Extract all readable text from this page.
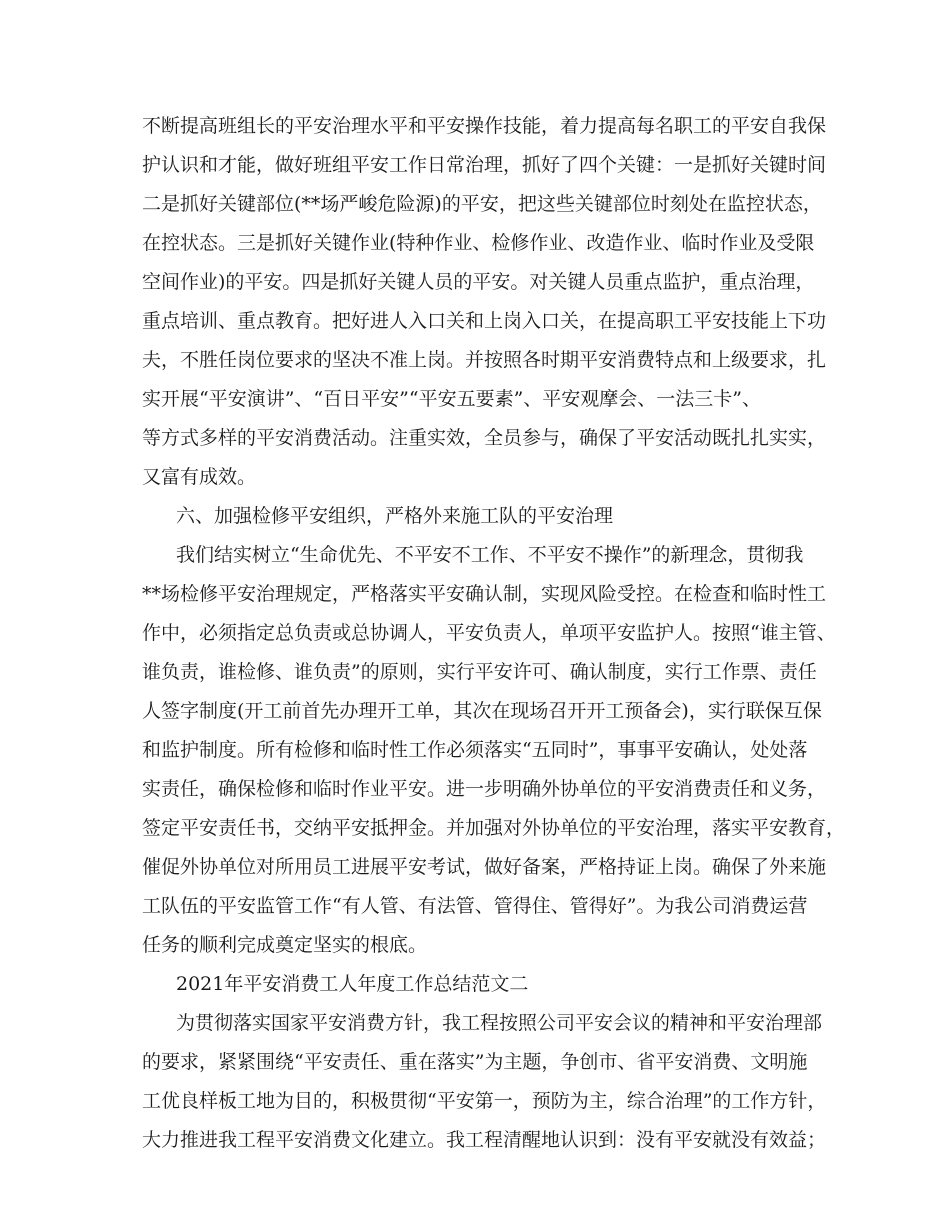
不断提高班组长的平安治理水平和平安操作技能，着力提高每名职工的平安自我保
护认识和才能，做好班组平安工作日常治理，抓好了四个关键：一是抓好关键时间
二是抓好关键部位(**场严峻危险源)的平安，把这些关键部位时刻处在监控状态，
在控状态。三是抓好关键作业(特种作业、检修作业、改造作业、临时作业及受限
空间作业)的平安。四是抓好关键人员的平安。对关键人员重点监护，重点治理，
重点培训、重点教育。把好进人入口关和上岗入口关，在提高职工平安技能上下功
夫，不胜任岗位要求的坚决不准上岗。并按照各时期平安消费特点和上级要求，扎
实开展“平安演讲”、“百日平安”“平安五要素”、平安观摩会、一法三卡”、
等方式多样的平安消费活动。注重实效，全员参与，确保了平安活动既扎扎实实，
又富有成效。
六、加强检修平安组织，严格外来施工队的平安治理
我们结实树立“生命优先、不平安不工作、不平安不操作”的新理念，贯彻我
**场检修平安治理规定，严格落实平安确认制，实现风险受控。在检查和临时性工
作中，必须指定总负责或总协调人，平安负责人，单项平安监护人。按照“谁主管、
谁负责，谁检修、谁负责”的原则，实行平安许可、确认制度，实行工作票、责任
人签字制度(开工前首先办理开工单，其次在现场召开开工预备会)，实行联保互保
和监护制度。所有检修和临时性工作必须落实“五同时”，事事平安确认，处处落
实责任，确保检修和临时作业平安。进一步明确外协单位的平安消费责任和义务，
签定平安责任书，交纳平安抵押金。并加强对外协单位的平安治理，落实平安教育，
催促外协单位对所用员工进展平安考试，做好备案，严格持证上岗。确保了外来施
工队伍的平安监管工作“有人管、有法管、管得住、管得好”。为我公司消费运营
任务的顺利完成奠定坚实的根底。
2021年平安消费工人年度工作总结范文二
为贯彻落实国家平安消费方针，我工程按照公司平安会议的精神和平安治理部
的要求，紧紧围绕“平安责任、重在落实”为主题，争创市、省平安消费、文明施
工优良样板工地为目的，积极贯彻“平安第一，预防为主，综合治理”的工作方针，
大力推进我工程平安消费文化建立。我工程清醒地认识到：没有平安就没有效益；
